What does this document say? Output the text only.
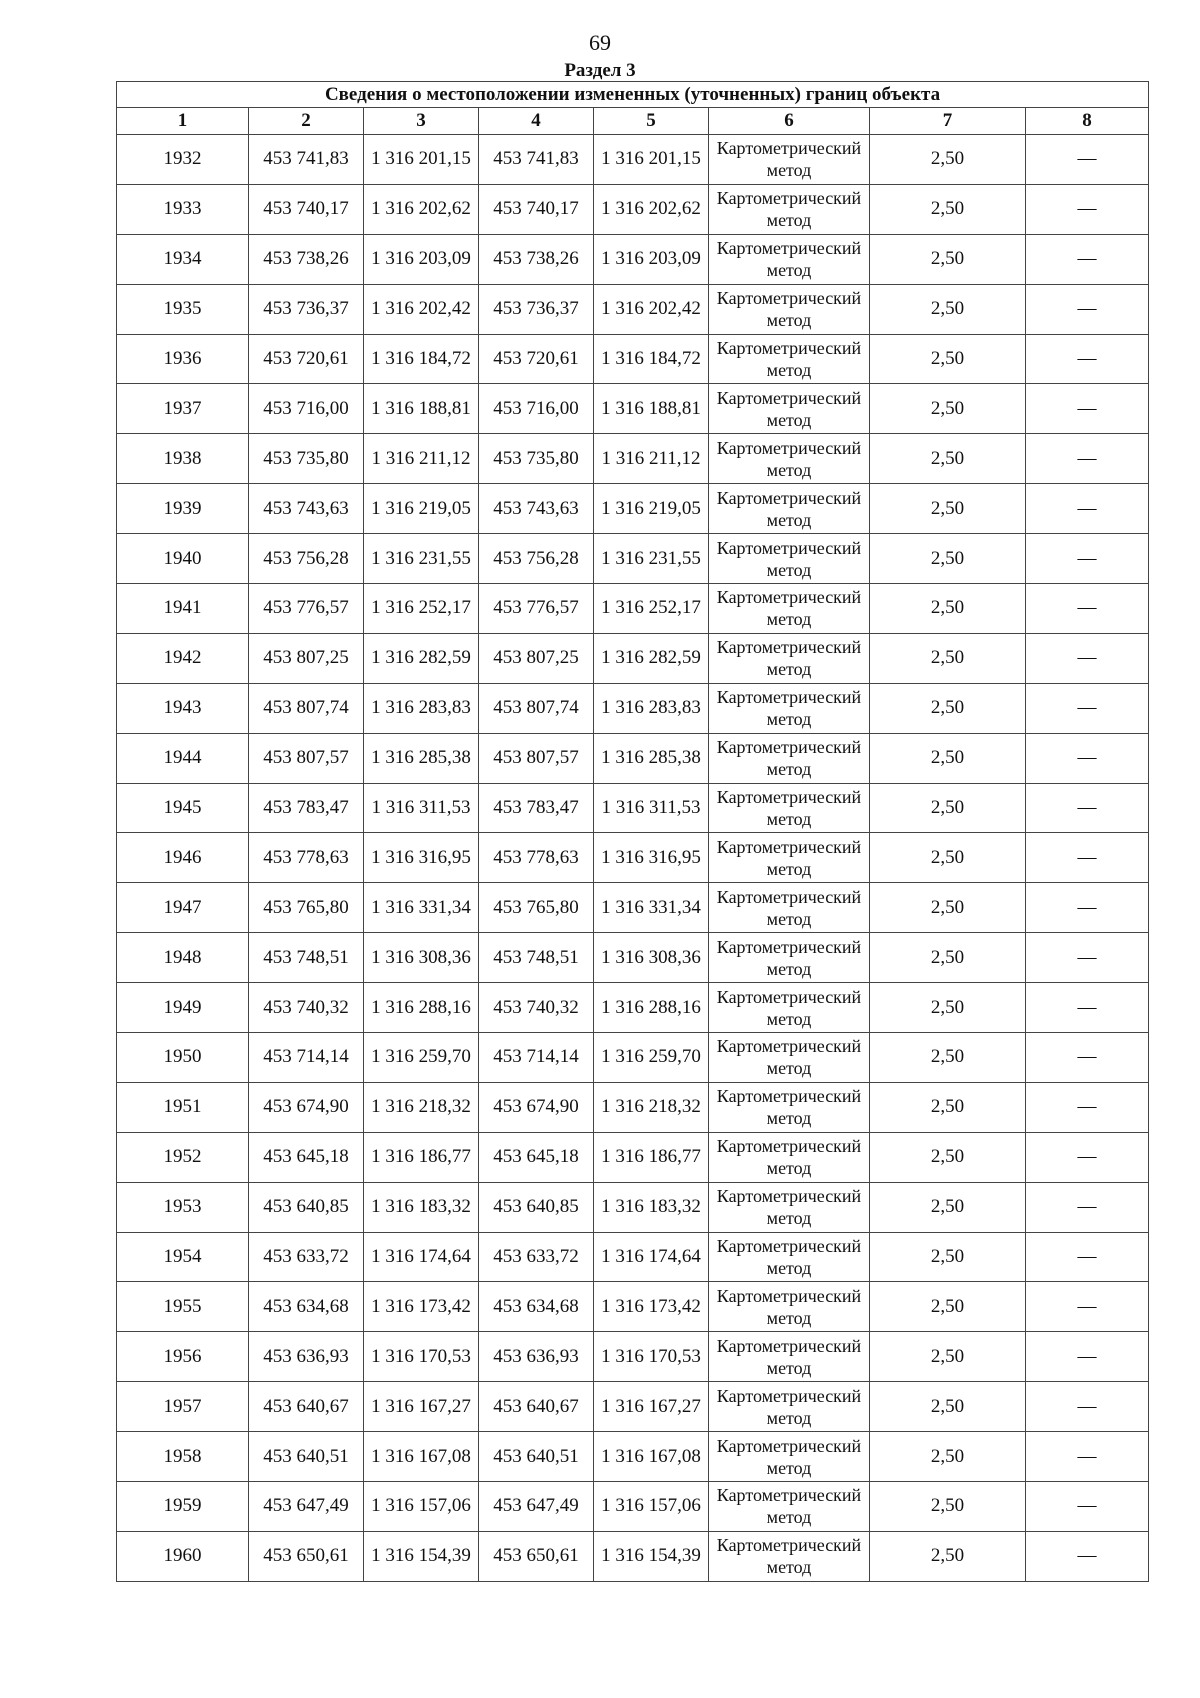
69
Раздел 3
Сведения о местоположении измененных (уточненных) границ объекта							
1	2	3	4	5	6	7	8
1932	453 741,83	1 316 201,15	453 741,83	1 316 201,15	Картометрический метод	2,50	—
1933	453 740,17	1 316 202,62	453 740,17	1 316 202,62	Картометрический метод	2,50	—
1934	453 738,26	1 316 203,09	453 738,26	1 316 203,09	Картометрический метод	2,50	—
1935	453 736,37	1 316 202,42	453 736,37	1 316 202,42	Картометрический метод	2,50	—
1936	453 720,61	1 316 184,72	453 720,61	1 316 184,72	Картометрический метод	2,50	—
1937	453 716,00	1 316 188,81	453 716,00	1 316 188,81	Картометрический метод	2,50	—
1938	453 735,80	1 316 211,12	453 735,80	1 316 211,12	Картометрический метод	2,50	—
1939	453 743,63	1 316 219,05	453 743,63	1 316 219,05	Картометрический метод	2,50	—
1940	453 756,28	1 316 231,55	453 756,28	1 316 231,55	Картометрический метод	2,50	—
1941	453 776,57	1 316 252,17	453 776,57	1 316 252,17	Картометрический метод	2,50	—
1942	453 807,25	1 316 282,59	453 807,25	1 316 282,59	Картометрический метод	2,50	—
1943	453 807,74	1 316 283,83	453 807,74	1 316 283,83	Картометрический метод	2,50	—
1944	453 807,57	1 316 285,38	453 807,57	1 316 285,38	Картометрический метод	2,50	—
1945	453 783,47	1 316 311,53	453 783,47	1 316 311,53	Картометрический метод	2,50	—
1946	453 778,63	1 316 316,95	453 778,63	1 316 316,95	Картометрический метод	2,50	—
1947	453 765,80	1 316 331,34	453 765,80	1 316 331,34	Картометрический метод	2,50	—
1948	453 748,51	1 316 308,36	453 748,51	1 316 308,36	Картометрический метод	2,50	—
1949	453 740,32	1 316 288,16	453 740,32	1 316 288,16	Картометрический метод	2,50	—
1950	453 714,14	1 316 259,70	453 714,14	1 316 259,70	Картометрический метод	2,50	—
1951	453 674,90	1 316 218,32	453 674,90	1 316 218,32	Картометрический метод	2,50	—
1952	453 645,18	1 316 186,77	453 645,18	1 316 186,77	Картометрический метод	2,50	—
1953	453 640,85	1 316 183,32	453 640,85	1 316 183,32	Картометрический метод	2,50	—
1954	453 633,72	1 316 174,64	453 633,72	1 316 174,64	Картометрический метод	2,50	—
1955	453 634,68	1 316 173,42	453 634,68	1 316 173,42	Картометрический метод	2,50	—
1956	453 636,93	1 316 170,53	453 636,93	1 316 170,53	Картометрический метод	2,50	—
1957	453 640,67	1 316 167,27	453 640,67	1 316 167,27	Картометрический метод	2,50	—
1958	453 640,51	1 316 167,08	453 640,51	1 316 167,08	Картометрический метод	2,50	—
1959	453 647,49	1 316 157,06	453 647,49	1 316 157,06	Картометрический метод	2,50	—
1960	453 650,61	1 316 154,39	453 650,61	1 316 154,39	Картометрический метод	2,50	—
